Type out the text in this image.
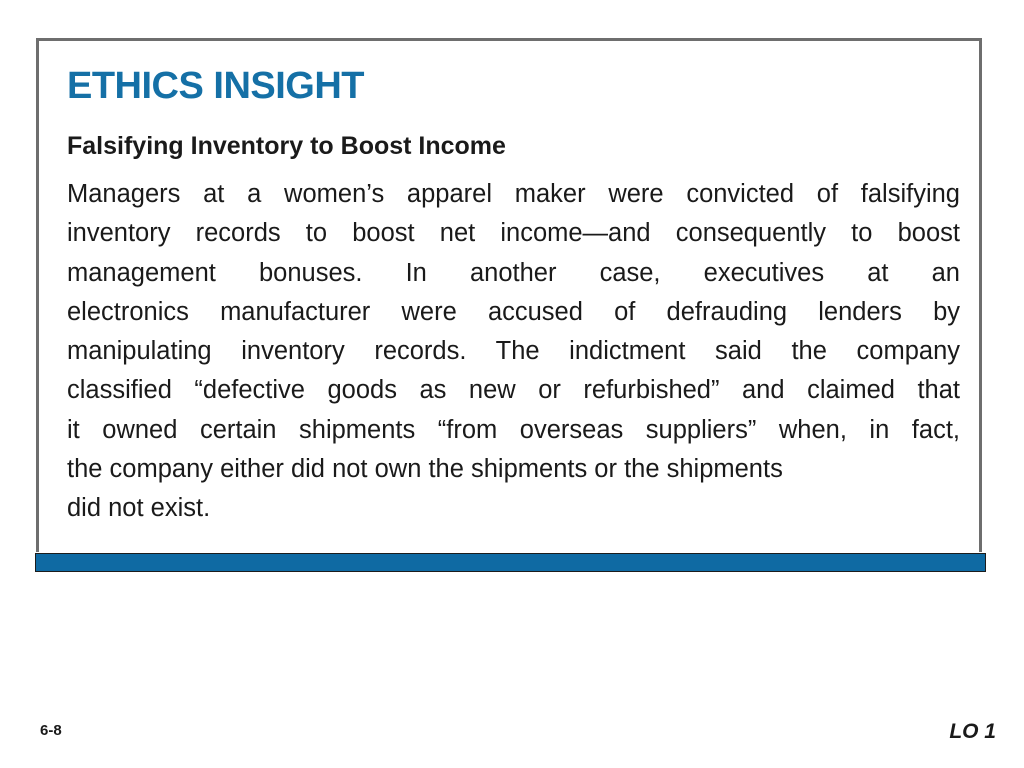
ETHICS INSIGHT
Falsifying Inventory to Boost Income

Managers at a women’s apparel maker were convicted of falsifying
inventory records to boost net income—and consequently to boost
management bonuses. In another case, executives at an
electronics manufacturer were accused of defrauding lenders by
manipulating inventory records. The indictment said the company
classified “defective goods as new or refurbished” and claimed that
it owned certain shipments “from overseas suppliers” when, in fact,
the company either did not own the shipments or the shipments
did not exist.

6-8	LO 1
